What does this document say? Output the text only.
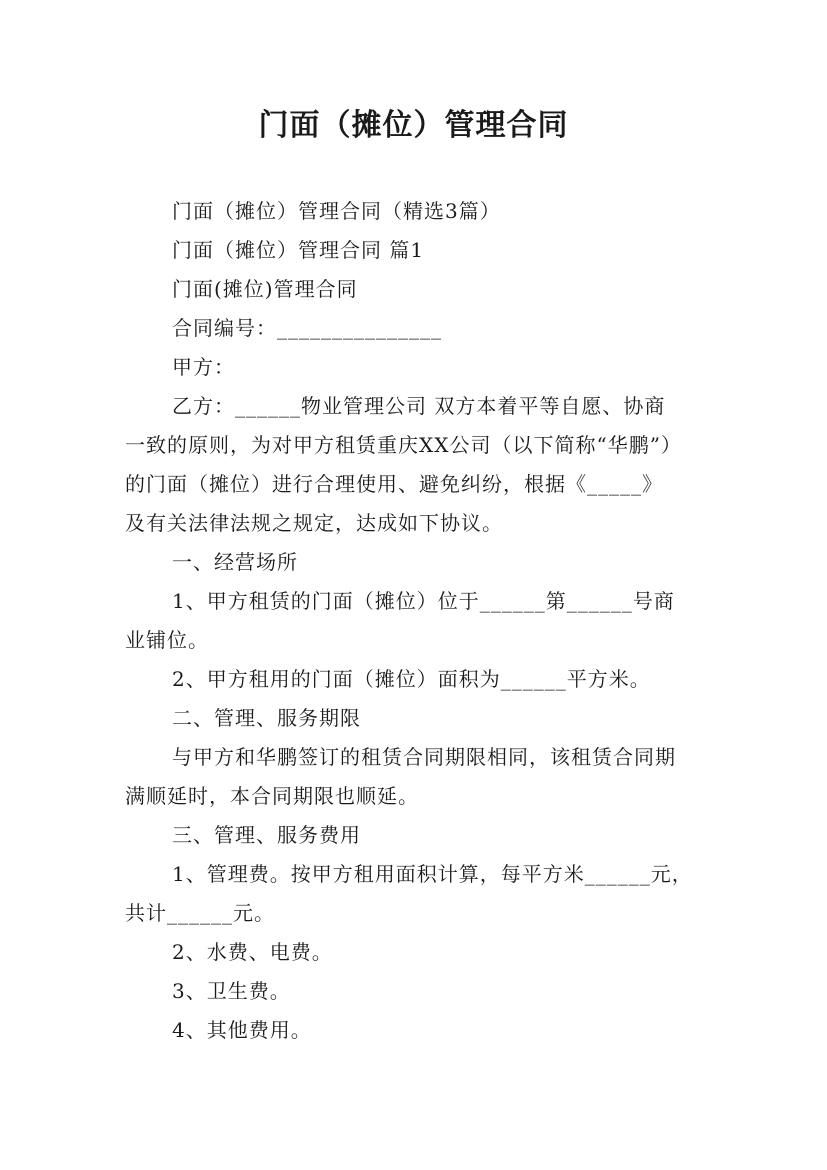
门面（摊位）管理合同

门面（摊位）管理合同（精选3篇）

门面（摊位）管理合同 篇1

门面(摊位)管理合同

合同编号：_______________

甲方：

乙方：______物业管理公司 双方本着平等自愿、协商

一致的原则，为对甲方租赁重庆XX公司（以下简称“华鹏”）

的门面（摊位）进行合理使用、避免纠纷，根据《_____》

及有关法律法规之规定，达成如下协议。

一、经营场所

1、甲方租赁的门面（摊位）位于______第______号商

业铺位。

2、甲方租用的门面（摊位）面积为______平方米。

二、管理、服务期限

与甲方和华鹏签订的租赁合同期限相同，该租赁合同期

满顺延时，本合同期限也顺延。

三、管理、服务费用

1、管理费。按甲方租用面积计算，每平方米______元，

共计______元。

2、水费、电费。

3、卫生费。

4、其他费用。
